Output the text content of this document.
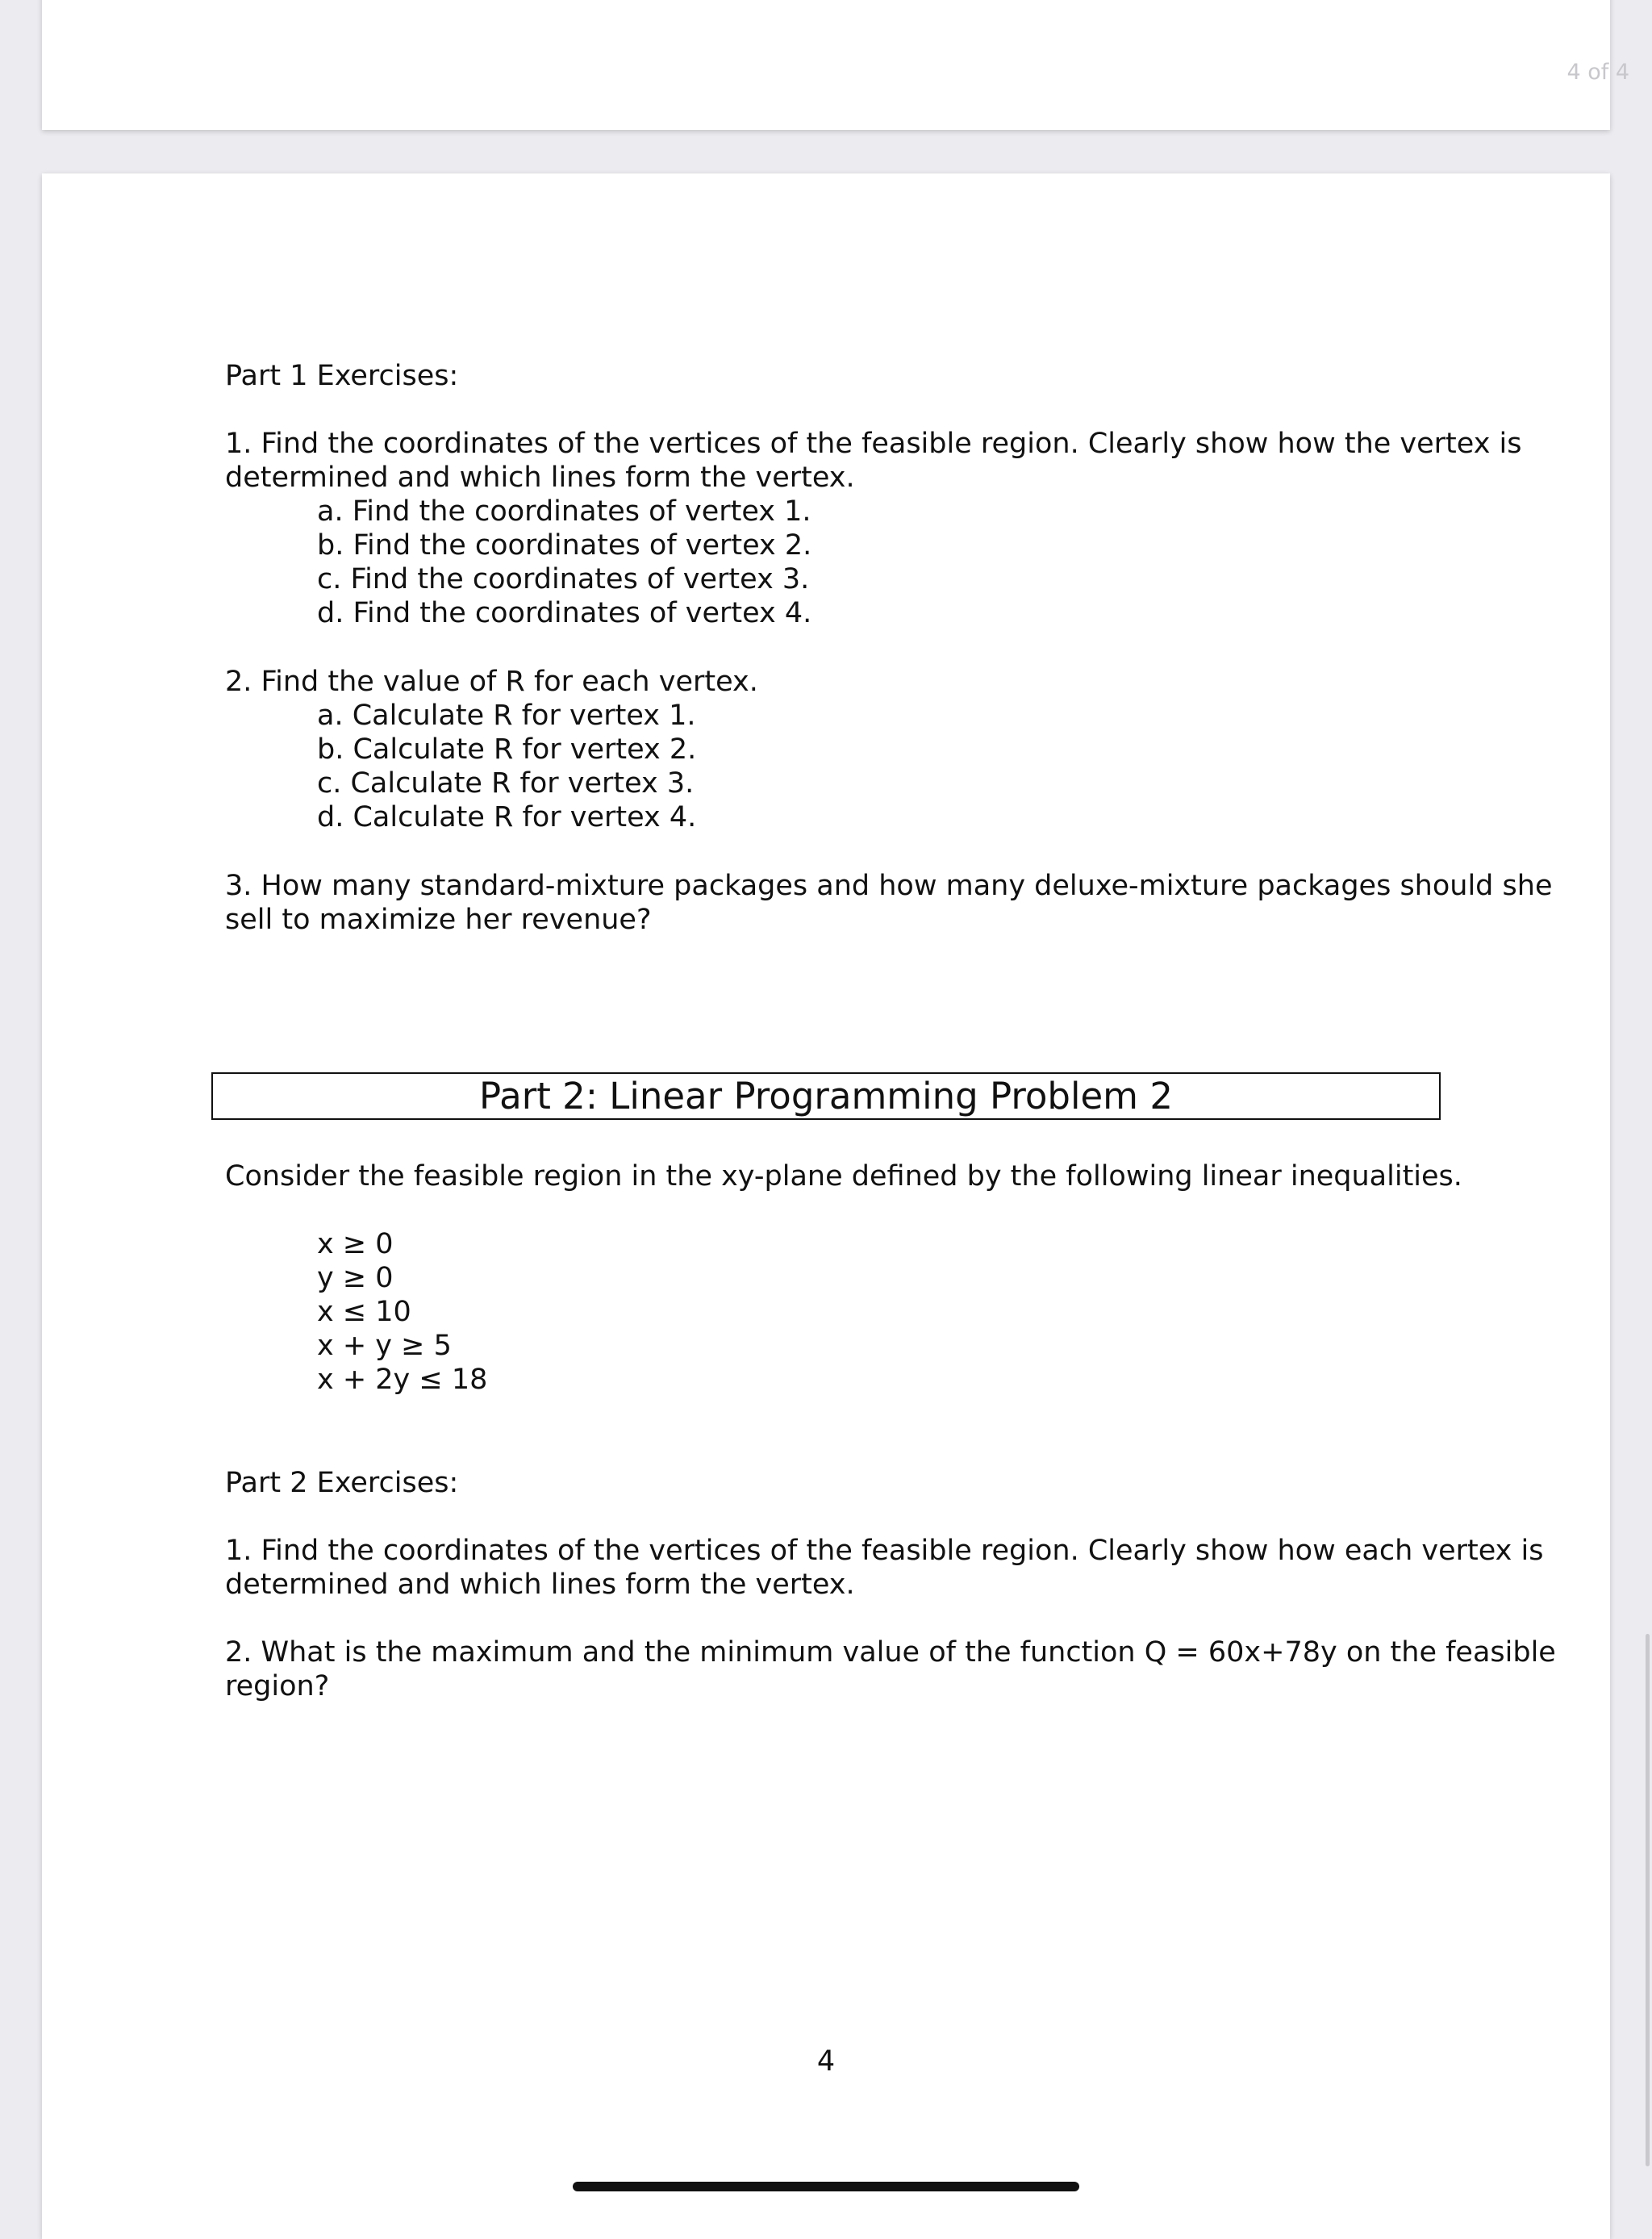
4 of 4

Part 1 Exercises:

1. Find the coordinates of the vertices of the feasible region. Clearly show how the vertex is

determined and which lines form the vertex.

a. Find the coordinates of vertex 1.

b. Find the coordinates of vertex 2.

c. Find the coordinates of vertex 3.

d. Find the coordinates of vertex 4.

2. Find the value of R for each vertex.

a. Calculate R for vertex 1.

b. Calculate R for vertex 2.

c. Calculate R for vertex 3.

d. Calculate R for vertex 4.

3. How many standard-mixture packages and how many deluxe-mixture packages should she

sell to maximize her revenue?

Part 2: Linear Programming Problem 2

Consider the feasible region in the xy-plane defined by the following linear inequalities.

x ≥ 0

y ≥ 0

x ≤ 10

x + y ≥ 5

x + 2y ≤ 18

Part 2 Exercises:

1. Find the coordinates of the vertices of the feasible region. Clearly show how each vertex is

determined and which lines form the vertex.

2. What is the maximum and the minimum value of the function Q = 60x+78y on the feasible

region?

4
